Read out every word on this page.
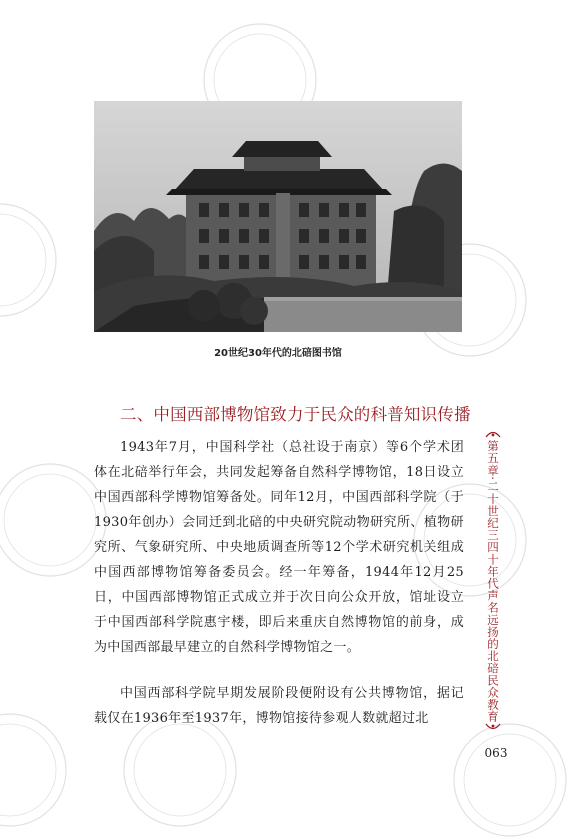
20世纪30年代的北碚图书馆
二、中国西部博物馆致力于民众的科普知识传播

1943年7月，中国科学社（总社设于南京）等6个学术团体在北碚举行年会，共同发起筹备自然科学博物馆，18日设立中国西部科学博物馆筹备处。同年12月，中国西部科学院（于1930年创办）会同迁到北碚的中央研究院动物研究所、植物研究所、气象研究所、中央地质调查所等12个学术研究机关组成中国西部博物馆筹备委员会。经一年筹备，1944年12月25日，中国西部博物馆正式成立并于次日向公众开放，馆址设立于中国西部科学院惠宇楼，即后来重庆自然博物馆的前身，成为中国西部最早建立的自然科学博物馆之一。

中国西部科学院早期发展阶段便附设有公共博物馆，据记载仅在1936年至1937年，博物馆接待参观人数就超过北	第五章·二十世纪三四十年代声名远扬的北碚民众教育
063
